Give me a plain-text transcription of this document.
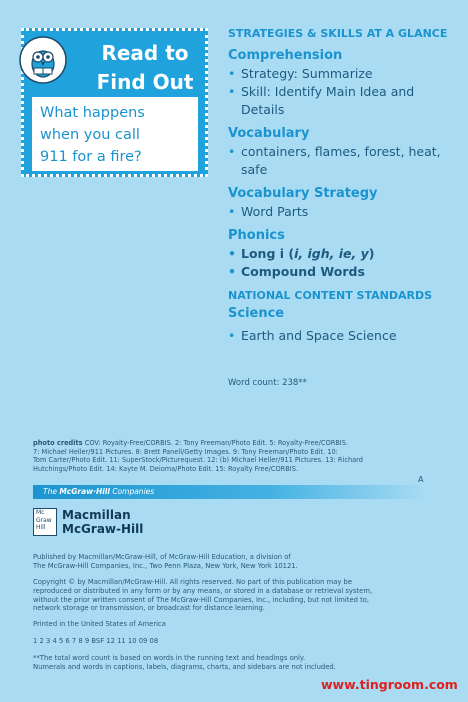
Read to
Find Out
What happens
when you call
911 for a fire?
STRATEGIES & SKILLS AT A GLANCE
Comprehension
• Strategy: Summarize
• Skill: Identify Main Idea and
Details
Vocabulary
• containers, flames, forest, heat,
safe
Vocabulary Strategy
• Word Parts
Phonics
• Long i (i, igh, ie, y)
• Compound Words
NATIONAL CONTENT STANDARDS
Science
• Earth and Space Science
Word count: 238**
photo credits COV: Royalty-Free/CORBIS. 2: Tony Freeman/Photo Edit. 5: Royalty-Free/CORBIS.
7: Michael Heller/911 Pictures. 8: Brett Panell/Getty Images. 9: Tony Freeman/Photo Edit. 10:
Tom Carter/Photo Edit. 11: SuperStock/Picturequest. 12: (b) Michael Heller/911 Pictures. 13: Richard
Hutchings/Photo Edit. 14: Kayte M. Deioma/Photo Edit. 15: Royalty Free/CORBIS.
A
The McGraw·Hill Companies
Mc
Graw
Hill
Macmillan
McGraw-Hill
Published by Macmillan/McGraw-Hill, of McGraw-Hill Education, a division of
The McGraw-Hill Companies, Inc., Two Penn Plaza, New York, New York 10121.
Copyright © by Macmillan/McGraw-Hill. All rights reserved. No part of this publication may be
reproduced or distributed in any form or by any means, or stored in a database or retrieval system,
without the prior written consent of The McGraw-Hill Companies, Inc., including, but not limited to,
network storage or transmission, or broadcast for distance learning.
Printed in the United States of America
1 2 3 4 5 6 7 8 9 BSF 12 11 10 09 08
**The total word count is based on words in the running text and headings only.
Numerals and words in captions, labels, diagrams, charts, and sidebars are not included.
www.tingroom.com
